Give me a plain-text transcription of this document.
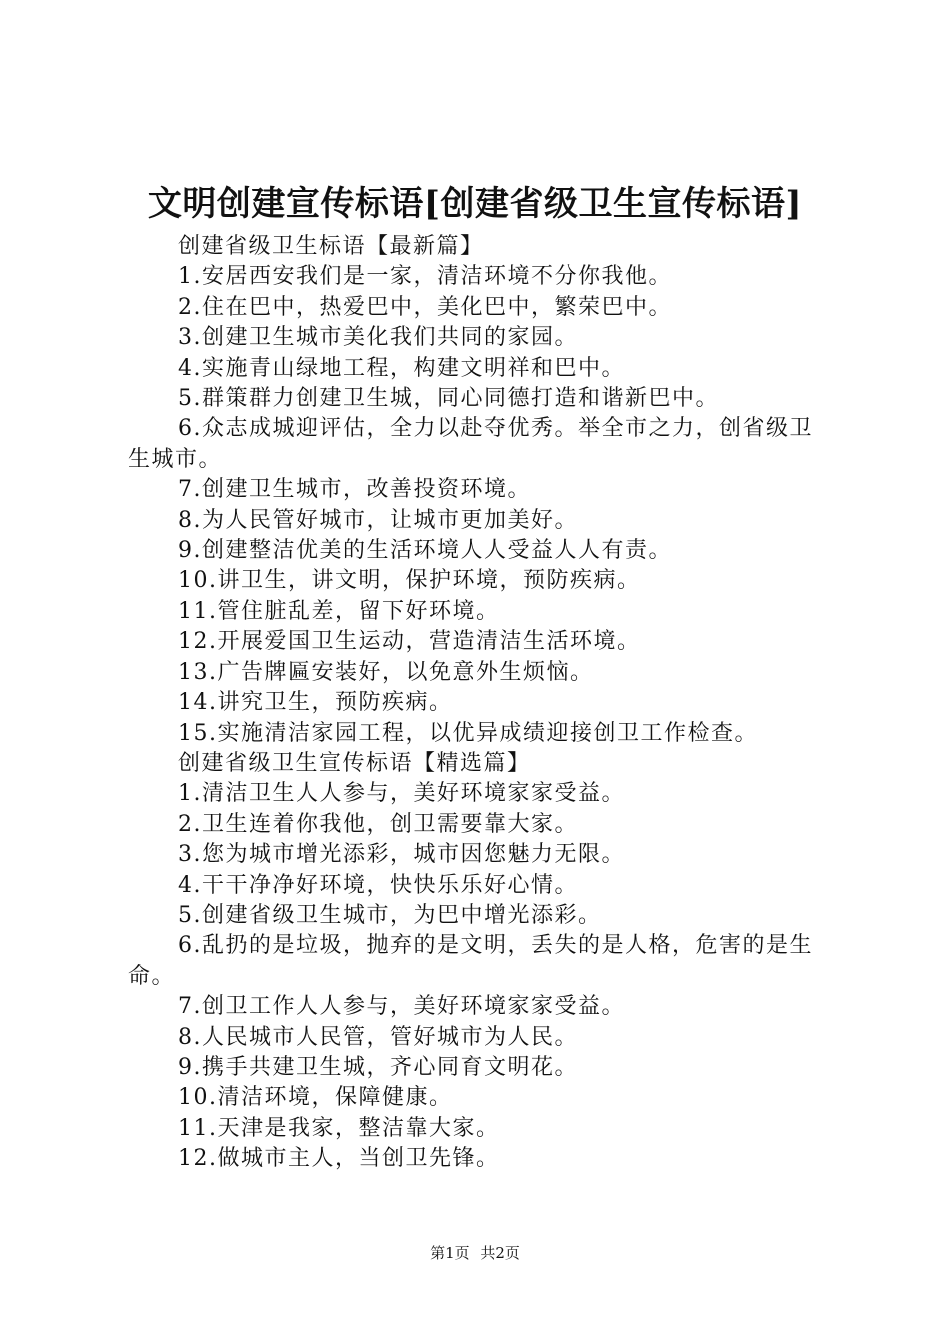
文明创建宣传标语[创建省级卫生宣传标语]

创建省级卫生标语【最新篇】

1.安居西安我们是一家，清洁环境不分你我他。

2.住在巴中，热爱巴中，美化巴中，繁荣巴中。

3.创建卫生城市美化我们共同的家园。

4.实施青山绿地工程，构建文明祥和巴中。

5.群策群力创建卫生城，同心同德打造和谐新巴中。

6.众志成城迎评估，全力以赴夺优秀。举全市之力，创省级卫生城市。

7.创建卫生城市，改善投资环境。

8.为人民管好城市，让城市更加美好。

9.创建整洁优美的生活环境人人受益人人有责。

10.讲卫生，讲文明，保护环境，预防疾病。

11.管住脏乱差，留下好环境。

12.开展爱国卫生运动，营造清洁生活环境。

13.广告牌匾安装好，以免意外生烦恼。

14.讲究卫生，预防疾病。

15.实施清洁家园工程，以优异成绩迎接创卫工作检查。

创建省级卫生宣传标语【精选篇】

1.清洁卫生人人参与，美好环境家家受益。

2.卫生连着你我他，创卫需要靠大家。

3.您为城市增光添彩，城市因您魅力无限。

4.干干净净好环境，快快乐乐好心情。

5.创建省级卫生城市，为巴中增光添彩。

6.乱扔的是垃圾，抛弃的是文明，丢失的是人格，危害的是生命。

7.创卫工作人人参与，美好环境家家受益。

8.人民城市人民管，管好城市为人民。

9.携手共建卫生城，齐心同育文明花。

10.清洁环境，保障健康。

11.天津是我家，整洁靠大家。

12.做城市主人，当创卫先锋。

第1页 共2页
